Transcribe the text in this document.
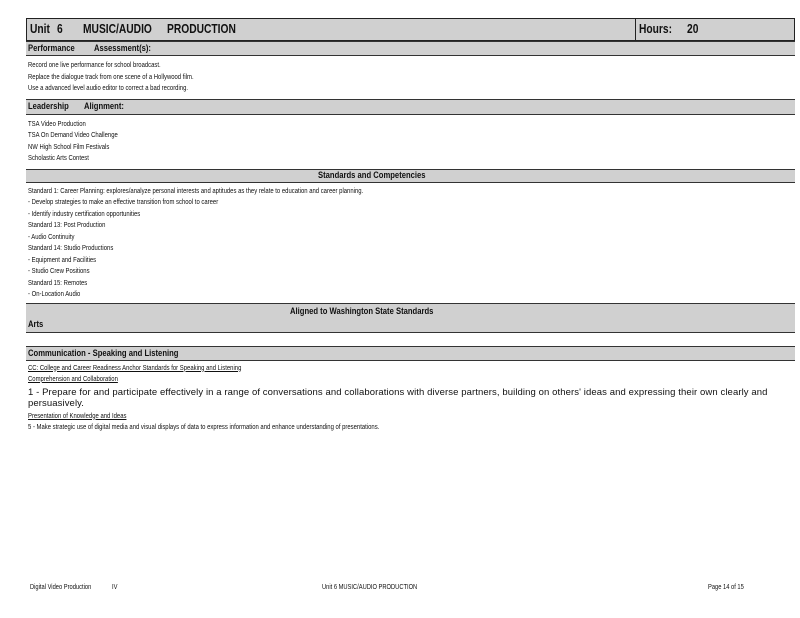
Unit 6 MUSIC/AUDIO PRODUCTION	Hours: 20
Performance Assessment(s):
Record one live performance for school broadcast.
Replace the dialogue track from one scene of a Hollywood film.
Use a advanced level audio editor to correct a bad recording.
Leadership Alignment:
TSA Video Production
TSA On Demand Video Challenge
NW High School Film Festivals
Scholastic Arts Contest
Standards and Competencies
Standard 1: Career Planning: explores/analyze personal interests and aptitudes as they relate to education and career planning.
- Develop strategies to make an effective transition from school to career
- Identify industry certification opportunities
Standard 13: Post Production
- Audio Continuity
Standard 14: Studio Productions
- Equipment and Facilities
- Studio Crew Positions
Standard 15: Remotes
- On-Location Audio
Aligned to Washington State Standards
Arts
Communication - Speaking and Listening
CC: College and Career Readiness Anchor Standards for Speaking and Listening
Comprehension and Collaboration
1 - Prepare for and participate effectively in a range of conversations and collaborations with diverse partners, building on others' ideas and expressing their own clearly and persuasively.
Presentation of Knowledge and Ideas
5 - Make strategic use of digital media and visual displays of data to express information and enhance understanding of presentations.
Digital Video Production	IV	Unit 6 MUSIC/AUDIO PRODUCTION	Page 14 of 15
